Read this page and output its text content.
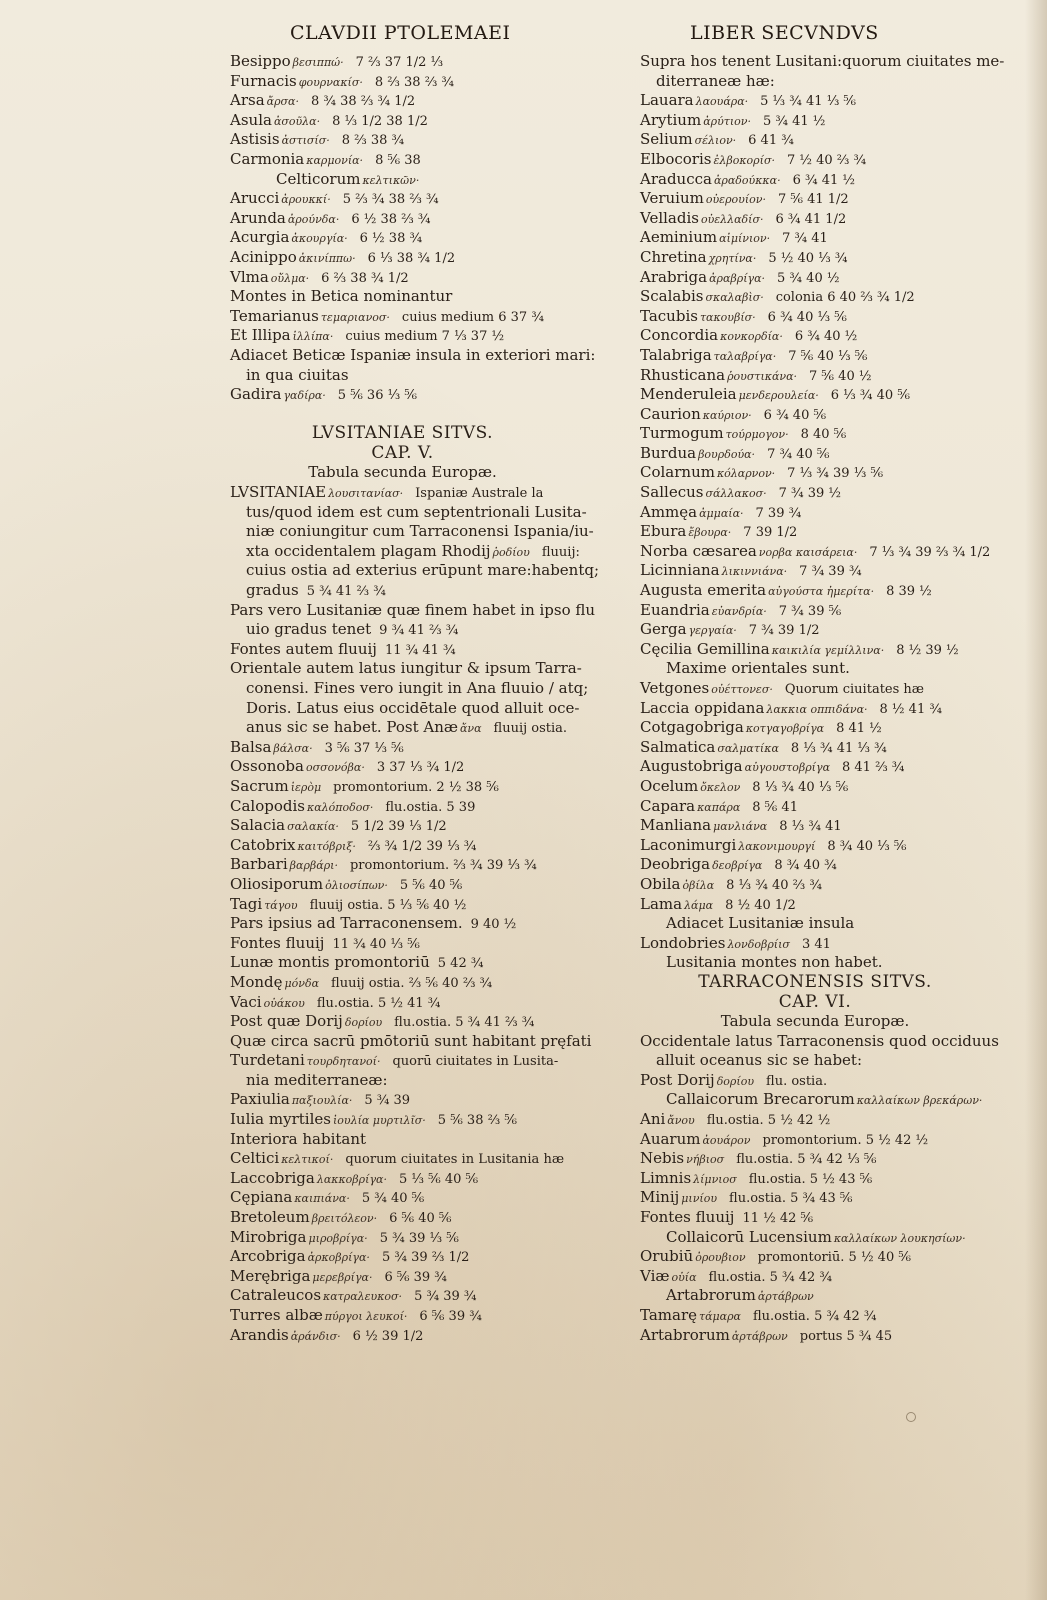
CLAVDII PTOLEMAEI	LIBER SECVNDVS
Besippo βεσιππώ· 7 ⅔ 37 1/2 ⅓
Furnacis φουρνακίσ· 8 ⅔ 38 ⅔ ¾
Arsa ἄρσα· 8 ¾ 38 ⅔ ¾ 1/2
Asula ἀσοῦλα· 8 ⅓ 1/2 38 1/2
Astisis ἀστισίσ· 8 ⅔ 38 ¾
Carmonia καρμονία· 8 ⅚ 38
Celticorum κελτικῶν·
Arucci ἀρουκκί· 5 ⅔ ¾ 38 ⅔ ¾
Arunda ἀρούνδα· 6 ½ 38 ⅔ ¾
Acurgia ἀκουργία· 6 ½ 38 ¾
Acinippo ἀκινίππω· 6 ⅓ 38 ¾ 1/2
Vlma οὔλμα· 6 ⅔ 38 ¾ 1/2
Montes in Betica nominantur
Temarianus τεμαριανοσ· cuius medium 6 37 ¾
Et Illipa ἰλλίπα· cuius medium 7 ⅓ 37 ½
Adiacet Beticæ Ispaniæ insula in exteriori mari:
in qua ciuitas
Gadira γαδίρα· 5 ⅚ 36 ⅓ ⅚
LVSITANIAE SITVS.
CAP. V.
Tabula secunda Europæ.
LVSITANIAE λουσιτανίασ· Ispaniæ Australe la
tus/quod idem est cum septentrionali Lusita-
niæ coniungitur cum Tarraconensi Ispania/iu-
xta occidentalem plagam Rhodij ῥοδίου fluuij:
cuius ostia ad exterius erūpunt mare:habentq;
gradus 5 ¾ 41 ⅔ ¾
Pars vero Lusitaniæ quæ finem habet in ipso flu
uio gradus tenet 9 ¾ 41 ⅔ ¾
Fontes autem fluuij 11 ¾ 41 ¾
Orientale autem latus iungitur & ipsum Tarra-
conensi. Fines vero iungit in Ana fluuio / atq;
Doris. Latus eius occidētale quod alluit oce-
anus sic se habet. Post Anæ ἄνα fluuij ostia.
Balsa βάλσα· 3 ⅚ 37 ⅓ ⅚
Ossonoba οσσονόβα· 3 37 ⅓ ¾ 1/2
Sacrum ἱερὸμ promontorium. 2 ½ 38 ⅚
Calopodis καλόποδοσ· flu.ostia. 5 39
Salacia σαλακία· 5 1/2 39 ⅓ 1/2
Catobrix καιτόβριξ· ⅔ ¾ 1/2 39 ⅓ ¾
Barbari βαρβάρι· promontorium. ⅔ ¾ 39 ⅓ ¾
Oliosiporum ὀλιοσίπων· 5 ⅚ 40 ⅚
Tagi τάγου fluuij ostia. 5 ⅓ ⅚ 40 ½
Pars ipsius ad Tarraconensem. 9 40 ½
Fontes fluuij 11 ¾ 40 ⅓ ⅚
Lunæ montis promontoriū 5 42 ¾
Mondę μόνδα fluuij ostia. ⅔ ⅚ 40 ⅔ ¾
Vaci οὐάκου flu.ostia. 5 ½ 41 ¾
Post quæ Dorij δορίου flu.ostia. 5 ¾ 41 ⅔ ¾
Quæ circa sacrū pmōtoriū sunt habitant pręfati
Turdetani τουρδητανοί· quorū ciuitates in Lusita-
nia mediterraneæ:
Paxiulia παξιουλία· 5 ¾ 39
Iulia myrtiles ἰουλία μυρτιλῖσ· 5 ⅚ 38 ⅔ ⅚
Interiora habitant
Celtici κελτικοί· quorum ciuitates in Lusitania hæ
Laccobriga λακκοβρίγα· 5 ⅓ ⅚ 40 ⅚
Cępiana καιπιάνα· 5 ¾ 40 ⅚
Bretoleum βρειτόλεον· 6 ⅚ 40 ⅚
Mirobriga μιροβρίγα· 5 ¾ 39 ⅓ ⅚
Arcobriga ἀρκοβρίγα· 5 ¾ 39 ⅔ 1/2
Merębriga μερεβρίγα· 6 ⅚ 39 ¾
Catraleucos κατραλευκοσ· 5 ¾ 39 ¾
Turres albæ πύργοι λευκοί· 6 ⅚ 39 ¾
Arandis ἀράνδισ· 6 ½ 39 1/2
Supra hos tenent Lusitani:quorum ciuitates me-
diterraneæ hæ:
Lauara λαουάρα· 5 ⅓ ¾ 41 ⅓ ⅚
Arytium ἀρύτιον· 5 ¾ 41 ½
Selium σέλιον· 6 41 ¾
Elbocoris ἐλβοκορίσ· 7 ½ 40 ⅔ ¾
Araducca ἀραδούκκα· 6 ¾ 41 ½
Veruium οὐερουίον· 7 ⅚ 41 1/2
Velladis οὐελλαδίσ· 6 ¾ 41 1/2
Aeminium αἰμίνιον· 7 ¾ 41
Chretina χρητίνα· 5 ½ 40 ⅓ ¾
Arabriga ἀραβρίγα· 5 ¾ 40 ½
Scalabis σκαλαβὶσ· colonia 6 40 ⅔ ¾ 1/2
Tacubis τακουβίσ· 6 ¾ 40 ⅓ ⅚
Concordia κονκορδία· 6 ¾ 40 ½
Talabriga ταλαβρίγα· 7 ⅚ 40 ⅓ ⅚
Rhusticana ῥουστικάνα· 7 ⅚ 40 ½
Menderuleia μενδερουλεία· 6 ⅓ ¾ 40 ⅚
Caurion καύριον· 6 ¾ 40 ⅚
Turmogum τούρμογον· 8 40 ⅚
Burdua βουρδούα· 7 ¾ 40 ⅚
Colarnum κόλαρνον· 7 ⅓ ¾ 39 ⅓ ⅚
Sallecus σάλλακοσ· 7 ¾ 39 ½
Ammęa ἀμμαία· 7 39 ¾
Ebura ἔβουρα· 7 39 1/2
Norba cæsarea νορβα καισάρεια· 7 ⅓ ¾ 39 ⅔ ¾ 1/2
Licinniana λικιννιάνα· 7 ¾ 39 ¾
Augusta emerita αὐγούστα ἠμερίτα· 8 39 ½
Euandria εὐανδρία· 7 ¾ 39 ⅚
Gerga γεργαία· 7 ¾ 39 1/2
Cęcilia Gemillina καικιλία γεμίλλινα· 8 ½ 39 ½
Maxime orientales sunt.
Vetgones οὐέττονεσ· Quorum ciuitates hæ
Laccia oppidana λακκια οππιδάνα· 8 ½ 41 ¾
Cotgagobriga κοτγαγοβρίγα 8 41 ½
Salmatica σαλματίκα 8 ⅓ ¾ 41 ⅓ ¾
Augustobriga αὐγουστοβρίγα 8 41 ⅔ ¾
Ocelum ὄκελον 8 ⅓ ¾ 40 ⅓ ⅚
Capara καπάρα 8 ⅚ 41
Manliana μανλιάνα 8 ⅓ ¾ 41
Laconimurgi λακονιμουργί 8 ¾ 40 ⅓ ⅚
Deobriga δεοβρίγα 8 ¾ 40 ¾
Obila ὀβίλα 8 ⅓ ¾ 40 ⅔ ¾
Lama λάμα 8 ½ 40 1/2
Adiacet Lusitaniæ insula
Londobries λονδοβρίισ 3 41
Lusitania montes non habet.
TARRACONENSIS SITVS.
CAP. VI.
Tabula secunda Europæ.
Occidentale latus Tarraconensis quod occiduus
alluit oceanus sic se habet:
Post Dorij δορίου flu. ostia.
Callaicorum Brecarorum καλλαίκων βρεκάρων·
Ani ἄνου flu.ostia. 5 ½ 42 ½
Auarum ἀουάρον promontorium. 5 ½ 42 ½
Nebis νήβιοσ flu.ostia. 5 ¾ 42 ⅓ ⅚
Limnis λίμνιοσ flu.ostia. 5 ½ 43 ⅚
Minij μινίου flu.ostia. 5 ¾ 43 ⅚
Fontes fluuij 11 ½ 42 ⅚
Collaicorū Lucensium καλλαίκων λουκησίων·
Orubiū ὀρουβιον promontoriū. 5 ½ 40 ⅚
Viæ οὐία flu.ostia. 5 ¾ 42 ¾
Artabrorum ἀρτάβρων
Tamarę τάμαρα flu.ostia. 5 ¾ 42 ¾
Artabrorum ἀρτάβρων portus 5 ¾ 45
